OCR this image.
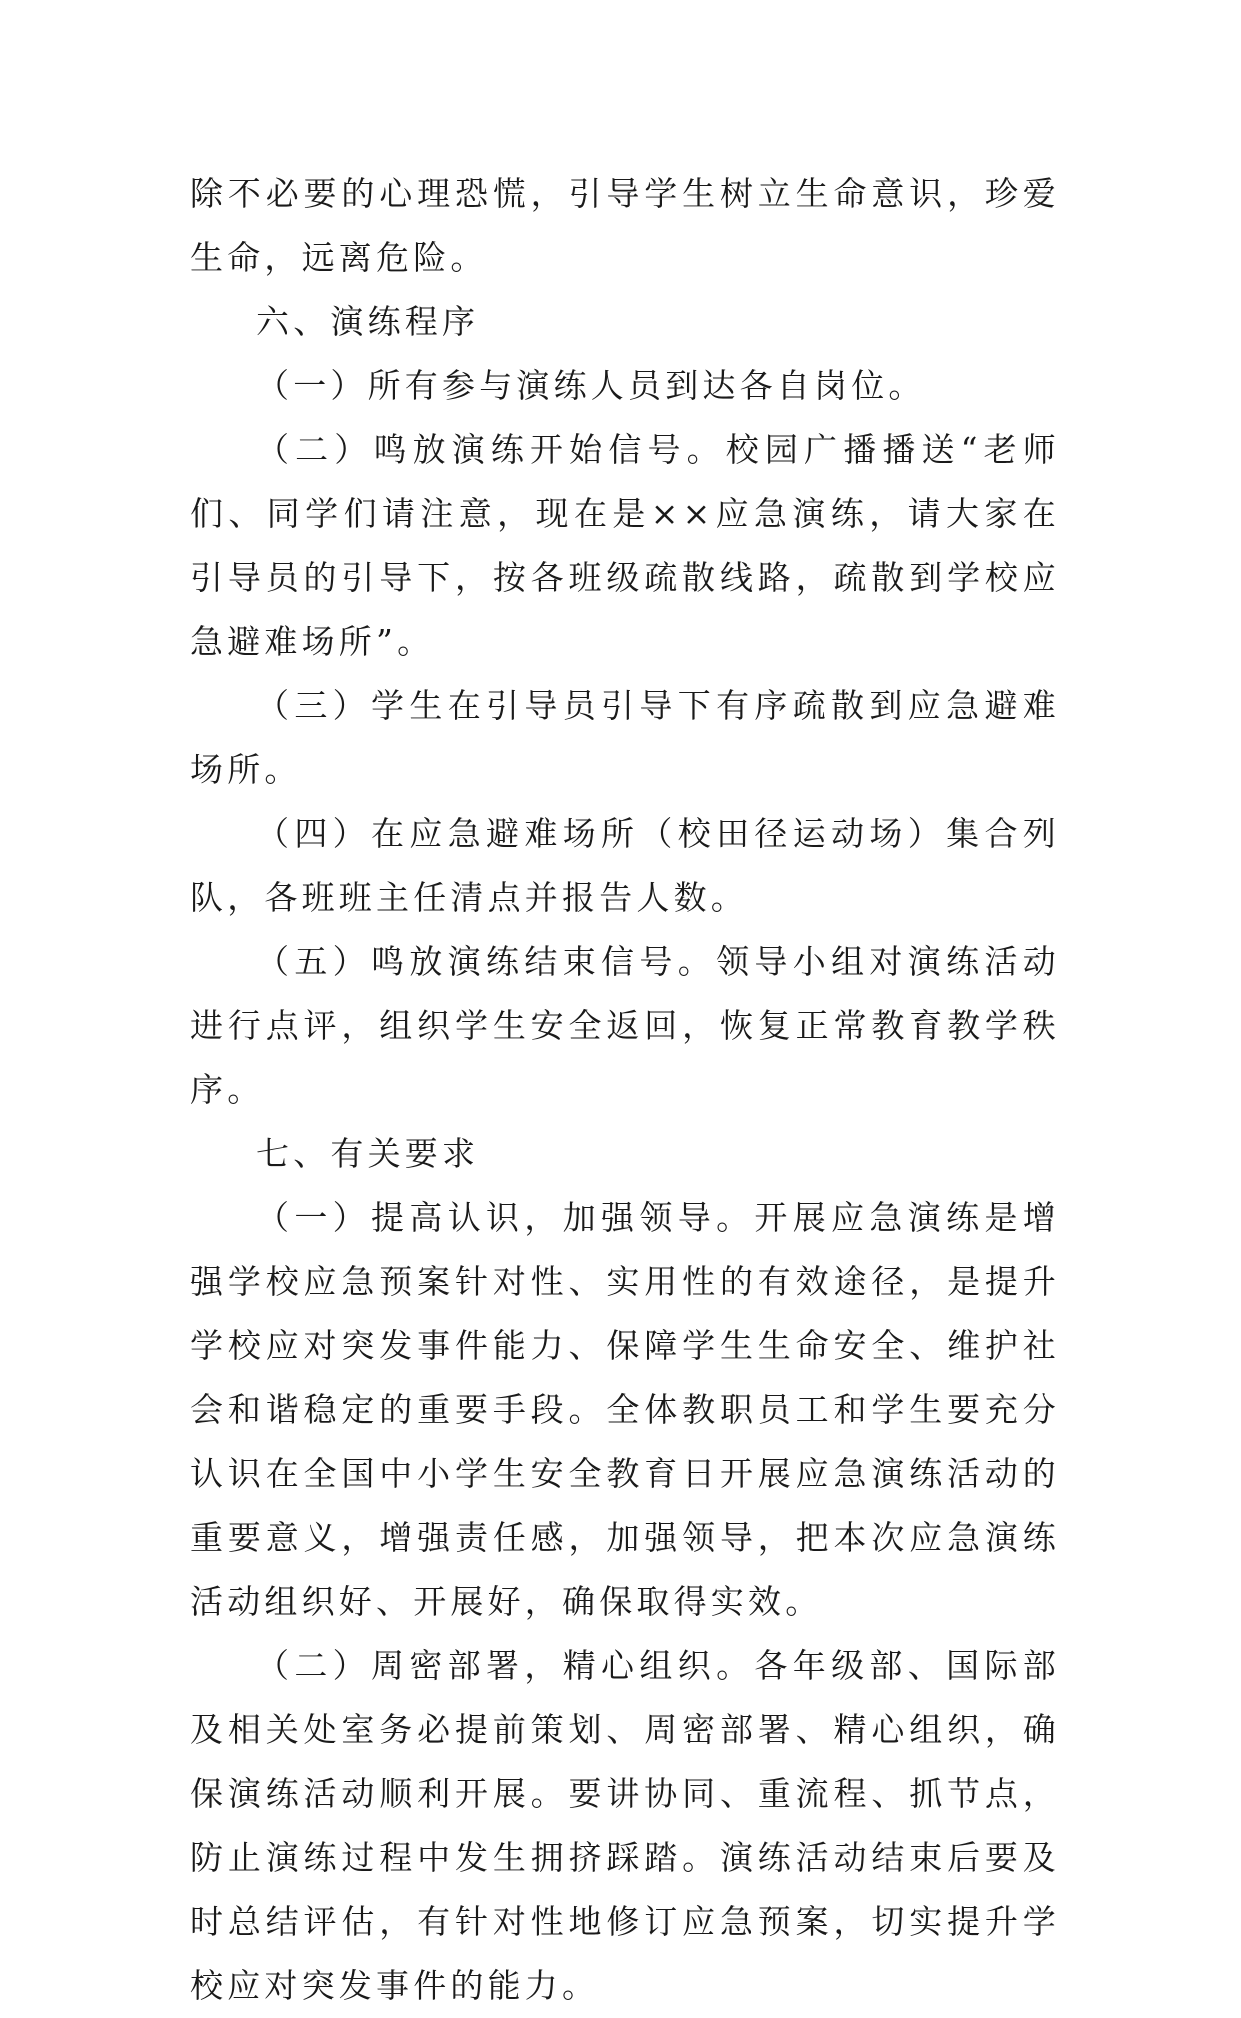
除不必要的心理恐慌，引导学生树立生命意识，珍爱生命，远离危险。

六、演练程序

（一）所有参与演练人员到达各自岗位。

（二）鸣放演练开始信号。校园广播播送“老师们、同学们请注意，现在是××应急演练，请大家在引导员的引导下，按各班级疏散线路，疏散到学校应急避难场所”。

（三）学生在引导员引导下有序疏散到应急避难场所。

（四）在应急避难场所（校田径运动场）集合列队，各班班主任清点并报告人数。

（五）鸣放演练结束信号。领导小组对演练活动进行点评，组织学生安全返回，恢复正常教育教学秩序。

七、有关要求

（一）提高认识，加强领导。开展应急演练是增强学校应急预案针对性、实用性的有效途径，是提升学校应对突发事件能力、保障学生生命安全、维护社会和谐稳定的重要手段。全体教职员工和学生要充分认识在全国中小学生安全教育日开展应急演练活动的重要意义，增强责任感，加强领导，把本次应急演练活动组织好、开展好，确保取得实效。

（二）周密部署，精心组织。各年级部、国际部及相关处室务必提前策划、周密部署、精心组织，确保演练活动顺利开展。要讲协同、重流程、抓节点，防止演练过程中发生拥挤踩踏。演练活动结束后要及时总结评估，有针对性地修订应急预案，切实提升学校应对突发事件的能力。
